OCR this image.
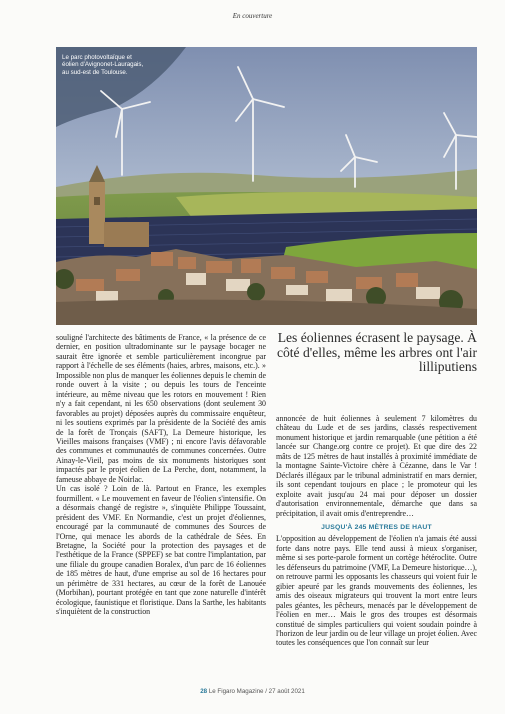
En couverture

Le parc photovoltaïque et éolien d'Avignonet-Lauragais, au sud-est de Toulouse.

souligné l'architecte des bâtiments de France, « la présence de ce dernier, en position ultradominante sur le paysage bocager ne saurait être ignorée et semble particulièrement incongrue par rapport à l'échelle de ses éléments (haies, arbres, maisons, etc.). » Impossible non plus de manquer les éoliennes depuis le chemin de ronde ouvert à la visite ; ou depuis les tours de l'enceinte intérieure, au même niveau que les rotors en mouvement ! Rien n'y a fait cependant, ni les 650 observations (dont seulement 30 favorables au projet) déposées auprès du commissaire enquêteur, ni les soutiens exprimés par la présidente de la Société des amis de la forêt de Tronçais (SAFT), La Demeure historique, les Vieilles maisons françaises (VMF) ; ni encore l'avis défavorable des communes et communautés de communes concernées. Outre Ainay-le-Vieil, pas moins de six monuments historiques sont impactés par le projet éolien de La Perche, dont, notamment, la fameuse abbaye de Noirlac.

Un cas isolé ? Loin de là. Partout en France, les exemples fourmillent. « Le mouvement en faveur de l'éolien s'intensifie. On a désormais changé de registre », s'inquiète Philippe Toussaint, président des VMF. En Normandie, c'est un projet d'éoliennes, encouragé par la communauté de communes des Sources de l'Orne, qui menace les abords de la cathédrale de Sées. En Bretagne, la Société pour la protection des paysages et de l'esthétique de la France (SPPEF) se bat contre l'implantation, par une filiale du groupe canadien Boralex, d'un parc de 16 éoliennes de 185 mètres de haut, d'une emprise au sol de 16 hectares pour un périmètre de 331 hectares, au cœur de la forêt de Lanouée (Morbihan), pourtant protégée en tant que zone naturelle d'intérêt écologique, faunistique et floristique. Dans la Sarthe, les habitants s'inquiètent de la construction

Les éoliennes écrasent le paysage. À côté d'elles, même les arbres ont l'air lilliputiens

annoncée de huit éoliennes à seulement 7 kilomètres du château du Lude et de ses jardins, classés respectivement monument historique et jardin remarquable (une pétition a été lancée sur Change.org contre ce projet). Et que dire des 22 mâts de 125 mètres de haut installés à proximité immédiate de la montagne Sainte-Victoire chère à Cézanne, dans le Var ! Déclarés illégaux par le tribunal administratif en mars dernier, ils sont cependant toujours en place ; le promoteur qui les exploite avait jusqu'au 24 mai pour déposer un dossier d'autorisation environnementale, démarche que dans sa précipitation, il avait omis d'entreprendre…

JUSQU'À 245 MÈTRES DE HAUT

L'opposition au développement de l'éolien n'a jamais été aussi forte dans notre pays. Elle tend aussi à mieux s'organiser, même si ses porte-parole forment un cortège hétéroclite. Outre les défenseurs du patrimoine (VMF, La Demeure historique…), on retrouve parmi les opposants les chasseurs qui voient fuir le gibier apeuré par les grands mouvements des éoliennes, les amis des oiseaux migrateurs qui trouvent la mort entre leurs pales géantes, les pêcheurs, menacés par le développement de l'éolien en mer… Mais le gros des troupes est désormais constitué de simples particuliers qui voient soudain poindre à l'horizon de leur jardin ou de leur village un projet éolien. Avec toutes les conséquences que l'on connaît sur leur

28 Le Figaro Magazine / 27 août 2021
